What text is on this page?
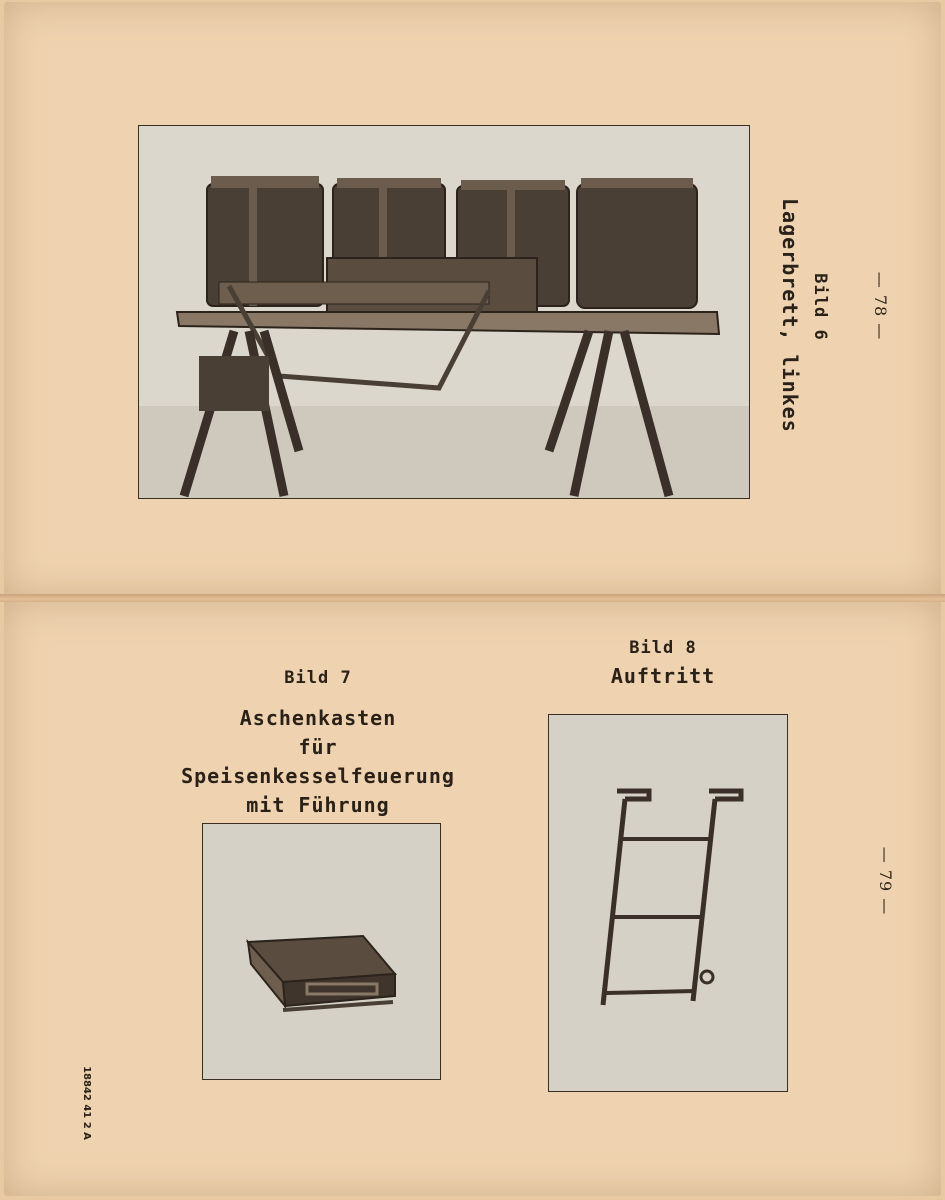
Lagerbrett, linkes Bild 6	— 78 —
Bild 7
Aschenkasten
für Speisenkesselfeuerung
mit Führung
Bild 8
Auftritt
— 79 —
18842 41 2 A
